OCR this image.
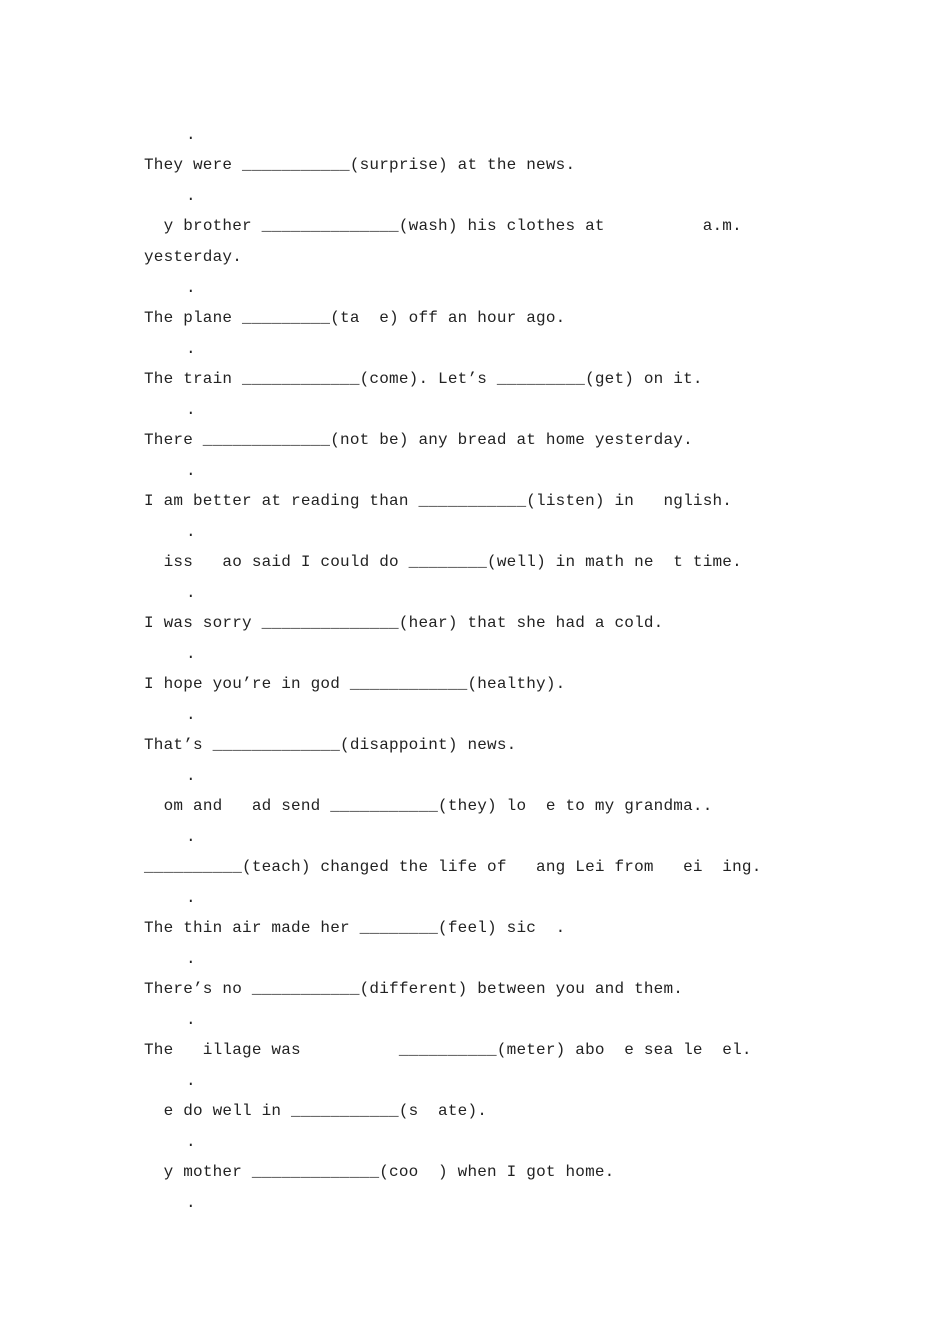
.
They were ___________(surprise) at the news.
.
y brother ______________(wash) his clothes at          a.m.
yesterday.
.
The plane _________(ta  e) off an hour ago.
.
The train ____________(come). Let’s _________(get) on it.
.
There _____________(not be) any bread at home yesterday.
.
I am better at reading than ___________(listen) in   nglish.
.
iss   ao said I could do ________(well) in math ne  t time.
.
I was sorry ______________(hear) that she had a cold.
.
I hope you’re in god ____________(healthy).
.
That’s _____________(disappoint) news.
.
om and   ad send ___________(they) lo  e to my grandma..
.
__________(teach) changed the life of   ang Lei from   ei  ing.
.
The thin air made her ________(feel) sic  .
.
There’s no ___________(different) between you and them.
.
The   illage was          __________(meter) abo  e sea le  el.
.
e do well in ___________(s  ate).
.
y mother _____________(coo  ) when I got home.
.
